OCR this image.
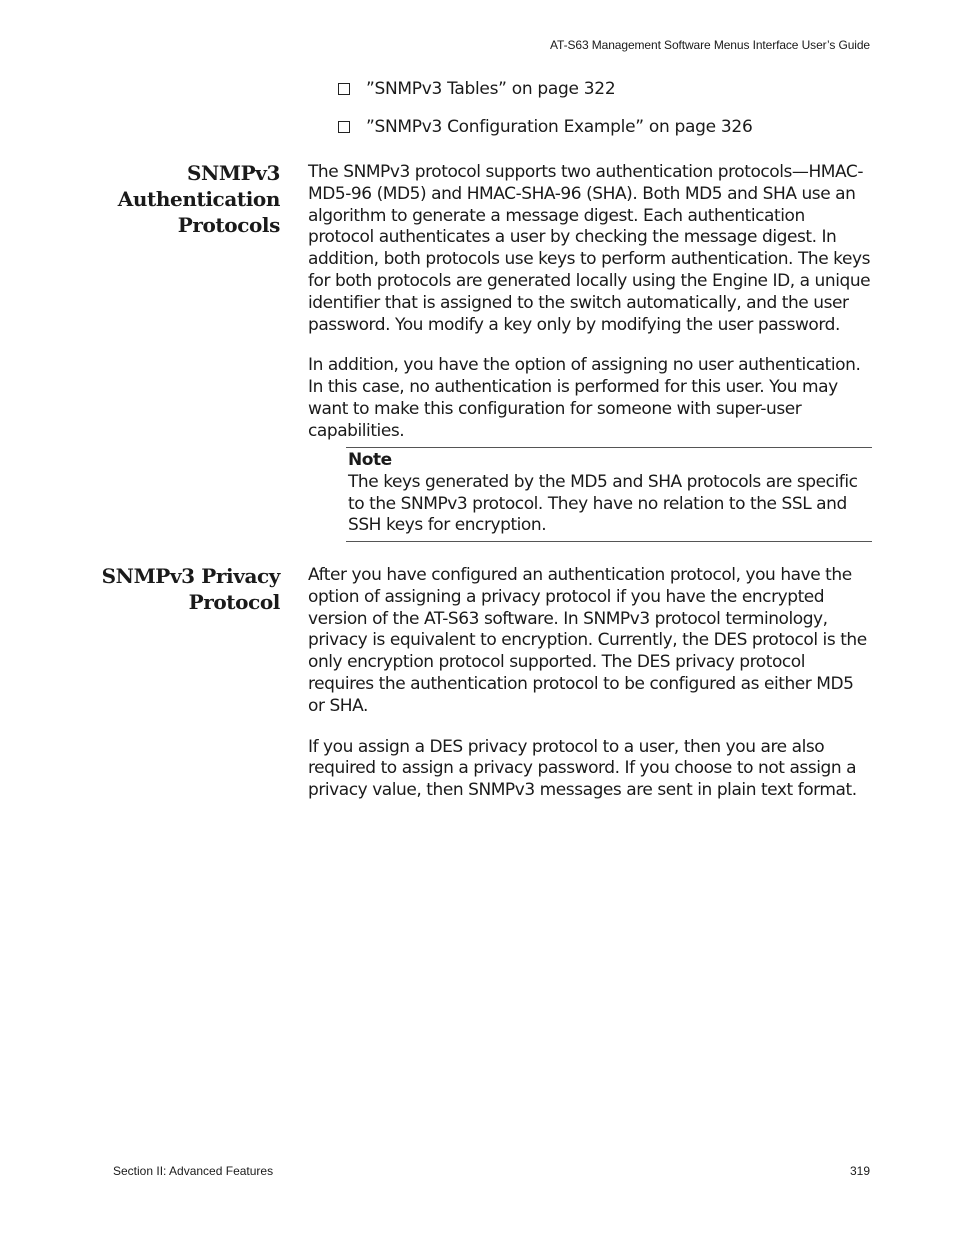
AT-S63 Management Software Menus Interface User’s Guide
”SNMPv3 Tables” on page 322
”SNMPv3 Configuration Example” on page 326
SNMPv3
Authentication
Protocols

The SNMPv3 protocol supports two authentication protocols—HMAC-MD5-96 (MD5) and HMAC-SHA-96 (SHA). Both MD5 and SHA use an algorithm to generate a message digest. Each authentication protocol authenticates a user by checking the message digest. In addition, both protocols use keys to perform authentication. The keys for both protocols are generated locally using the Engine ID, a unique identifier that is assigned to the switch automatically, and the user password. You modify a key only by modifying the user password.

In addition, you have the option of assigning no user authentication. In this case, no authentication is performed for this user. You may want to make this configuration for someone with super-user capabilities.

Note
The keys generated by the MD5 and SHA protocols are specific to the SNMPv3 protocol. They have no relation to the SSL and SSH keys for encryption.
SNMPv3 Privacy
Protocol

After you have configured an authentication protocol, you have the option of assigning a privacy protocol if you have the encrypted version of the AT-S63 software. In SNMPv3 protocol terminology, privacy is equivalent to encryption. Currently, the DES protocol is the only encryption protocol supported. The DES privacy protocol requires the authentication protocol to be configured as either MD5 or SHA.

If you assign a DES privacy protocol to a user, then you are also required to assign a privacy password. If you choose to not assign a privacy value, then SNMPv3 messages are sent in plain text format.

Section II: Advanced Features	319
